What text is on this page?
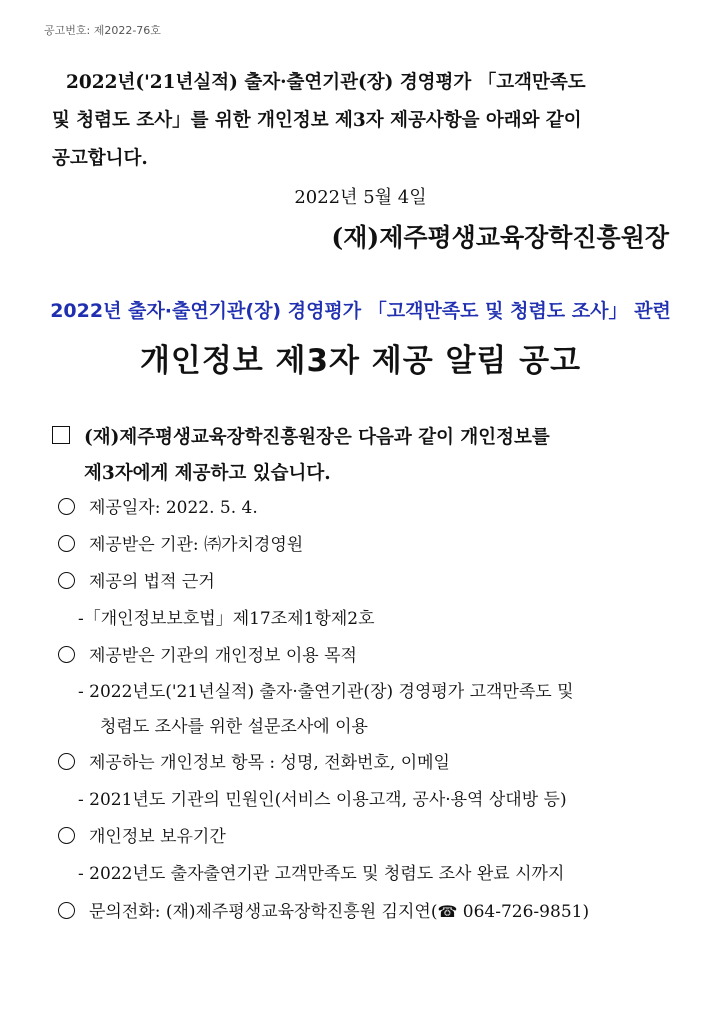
공고번호: 제2022-76호
2022년('21년실적) 출자·출연기관(장) 경영평가 「고객만족도
및 청렴도 조사」를 위한 개인정보 제3자 제공사항을 아래와 같이
공고합니다.
2022년 5월 4일
(재)제주평생교육장학진흥원장
2022년 출자·출연기관(장) 경영평가 「고객만족도 및 청렴도 조사」 관련
개인정보 제3자 제공 알림 공고
(재)제주평생교육장학진흥원장은 다음과 같이 개인정보를
제3자에게 제공하고 있습니다.
제공일자: 2022. 5. 4.
제공받은 기관: ㈜가치경영원
제공의 법적 근거
-「개인정보보호법」제17조제1항제2호
제공받은 기관의 개인정보 이용 목적
- 2022년도('21년실적) 출자·출연기관(장) 경영평가 고객만족도 및
청렴도 조사를 위한 설문조사에 이용
제공하는 개인정보 항목 : 성명, 전화번호, 이메일
- 2021년도 기관의 민원인(서비스 이용고객, 공사·용역 상대방 등)
개인정보 보유기간
- 2022년도 출자출연기관 고객만족도 및 청렴도 조사 완료 시까지
문의전화: (재)제주평생교육장학진흥원 김지연(☎ 064-726-9851)
